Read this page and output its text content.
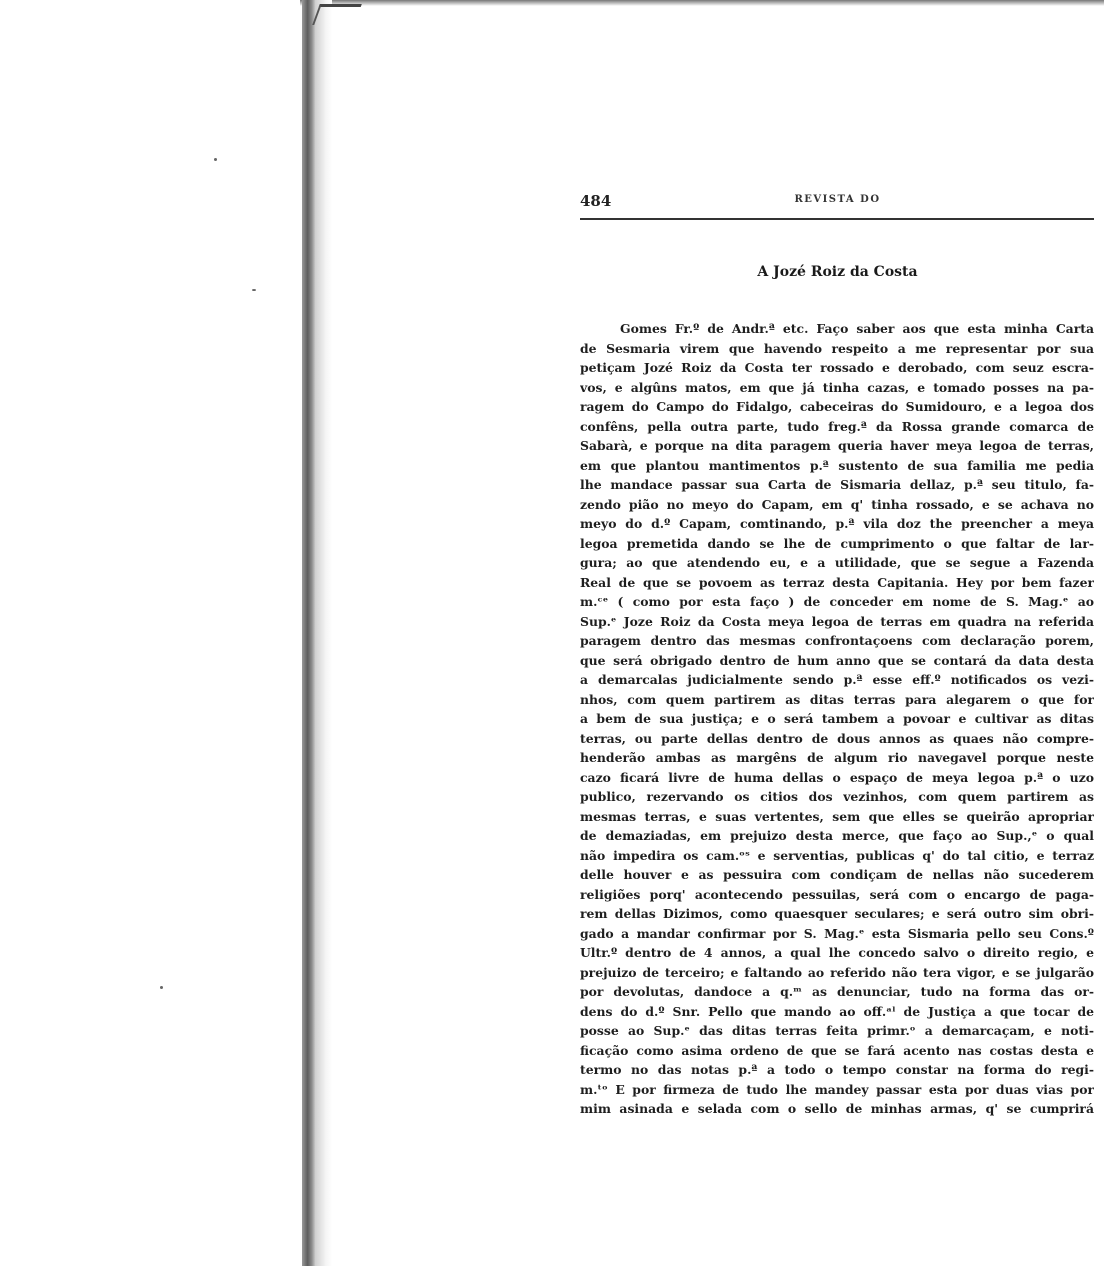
484	REVISTA DO
A Jozé Roiz da Costa
Gomes Fr.º de Andr.ª etc. Faço saber aos que esta minha Carta
de Sesmaria virem que havendo respeito a me representar por sua
petiçam Jozé Roiz da Costa ter rossado e derobado, com seuz escra-
vos, e algûns matos, em que já tinha cazas, e tomado posses na pa-
ragem do Campo do Fidalgo, cabeceiras do Sumidouro, e a legoa dos
confêns, pella outra parte, tudo freg.ª da Rossa grande comarca de
Sabarà, e porque na dita paragem queria haver meya legoa de terras,
em que plantou mantimentos p.ª sustento de sua familia me pedia
lhe mandace passar sua Carta de Sismaria dellaz, p.ª seu titulo, fa-
zendo pião no meyo do Capam, em q' tinha rossado, e se achava no
meyo do d.º Capam, comtinando, p.ª vila doz the preencher a meya
legoa premetida dando se lhe de cumprimento o que faltar de lar-
gura; ao que atendendo eu, e a utilidade, que se segue a Fazenda
Real de que se povoem as terraz desta Capitania. Hey por bem fazer
m.ᶜᵉ ( como por esta faço ) de conceder em nome de S. Mag.ᵉ ao
Sup.ᵉ Joze Roiz da Costa meya legoa de terras em quadra na referida
paragem dentro das mesmas confrontaçoens com declaração porem,
que será obrigado dentro de hum anno que se contará da data desta
a demarcalas judicialmente sendo p.ª esse eff.º notificados os vezi-
nhos, com quem partirem as ditas terras para alegarem o que for
a bem de sua justiça; e o será tambem a povoar e cultivar as ditas
terras, ou parte dellas dentro de dous annos as quaes não compre-
henderão ambas as margêns de algum rio navegavel porque neste
cazo ficará livre de huma dellas o espaço de meya legoa p.ª o uzo
publico, rezervando os citios dos vezinhos, com quem partirem as
mesmas terras, e suas vertentes, sem que elles se queirão apropriar
de demaziadas, em prejuizo desta merce, que faço ao Sup.,ᵉ o qual
não impedira os cam.ᵒˢ e serventias, publicas q' do tal citio, e terraz
delle houver e as pessuira com condiçam de nellas não sucederem
religiões porq' acontecendo pessuilas, será com o encargo de paga-
rem dellas Dizimos, como quaesquer seculares; e será outro sim obri-
gado a mandar confirmar por S. Mag.ᵉ esta Sismaria pello seu Cons.º
Ultr.º dentro de 4 annos, a qual lhe concedo salvo o direito regio, e
prejuizo de terceiro; e faltando ao referido não tera vigor, e se julgarão
por devolutas, dandoce a q.ᵐ as denunciar, tudo na forma das or-
dens do d.º Snr. Pello que mando ao off.ᵃˡ de Justiça a que tocar de
posse ao Sup.ᵉ das ditas terras feita primr.ᵒ a demarcaçam, e noti-
ficação como asima ordeno de que se fará acento nas costas desta e
termo no das notas p.ª a todo o tempo constar na forma do regi-
m.ᵗᵒ E por firmeza de tudo lhe mandey passar esta por duas vias por
mim asinada e selada com o sello de minhas armas, q' se cumprirá
